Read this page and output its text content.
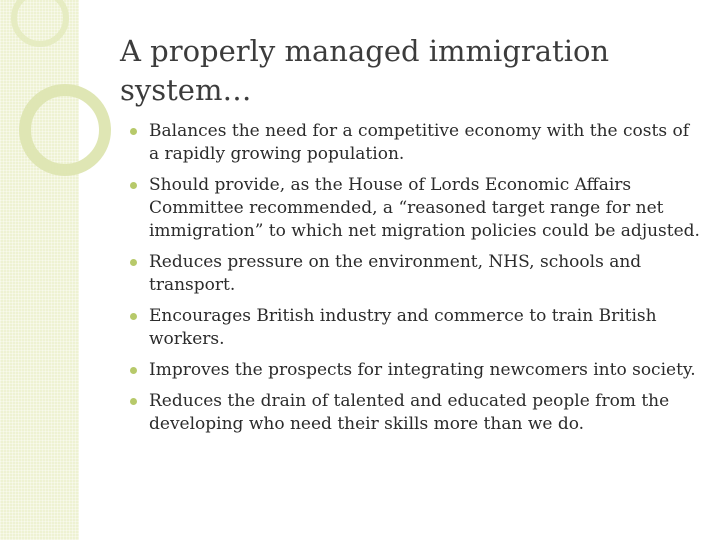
A properly managed immigration system…
Balances the need for a competitive economy with the costs of a rapidly growing population.
Should provide, as the House of Lords Economic Affairs Committee recommended, a “reasoned target range for net immigration” to which net migration policies could be adjusted.
Reduces pressure on the environment, NHS, schools and transport.
Encourages British industry and commerce to train British workers.
Improves the prospects for integrating newcomers into society.
Reduces the drain of talented and educated people from the developing who need their skills more than we do.
